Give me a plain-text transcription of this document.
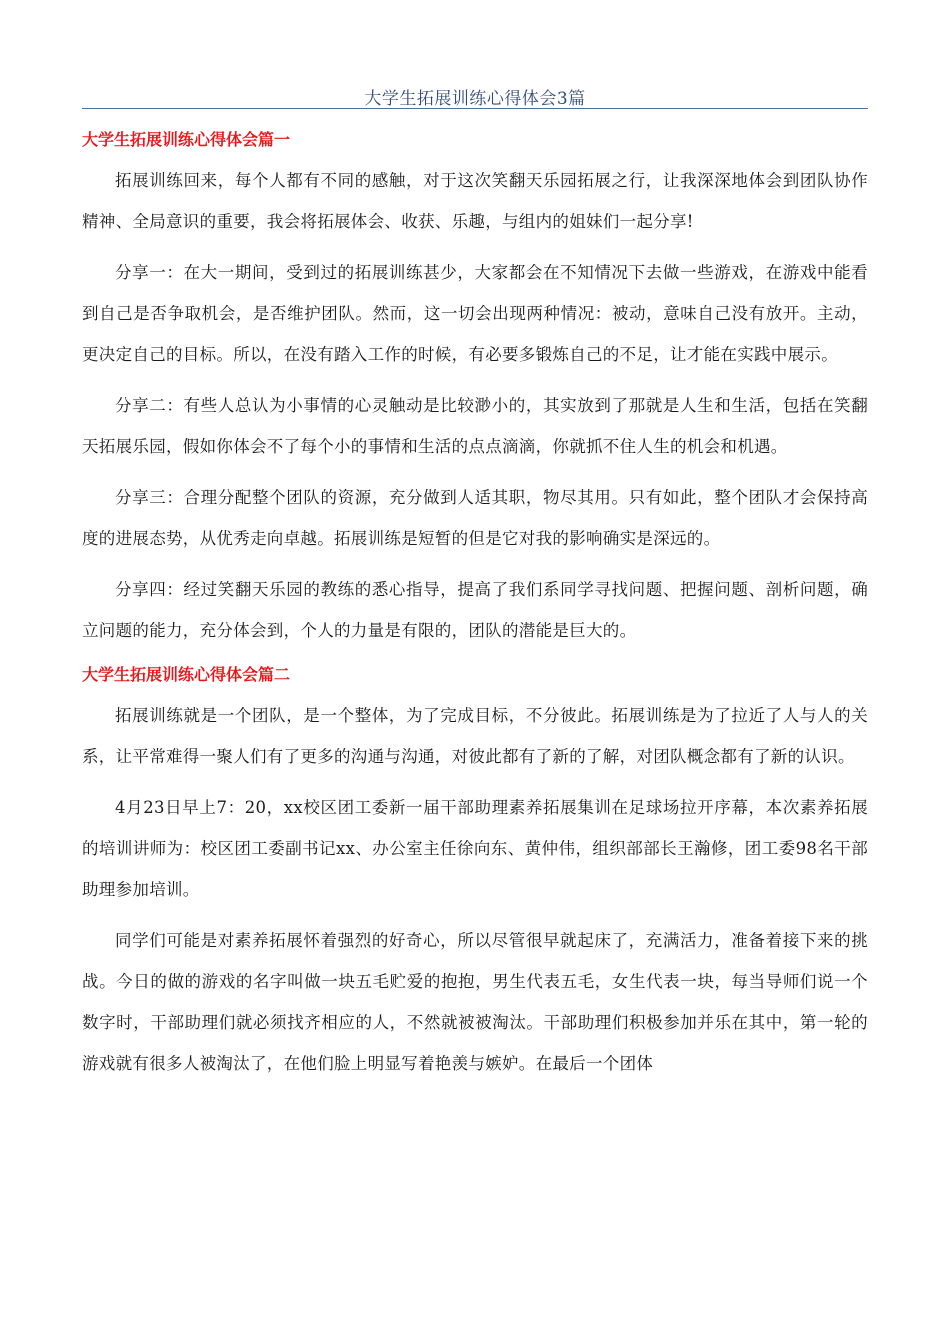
大学生拓展训练心得体会3篇
大学生拓展训练心得体会篇一

拓展训练回来，每个人都有不同的感触，对于这次笑翻天乐园拓展之行，让我深深地体会到团队协作精神、全局意识的重要，我会将拓展体会、收获、乐趣，与组内的姐妹们一起分享!

分享一：在大一期间，受到过的拓展训练甚少，大家都会在不知情况下去做一些游戏，在游戏中能看到自己是否争取机会，是否维护团队。然而，这一切会出现两种情况：被动，意味自己没有放开。主动，更决定自己的目标。所以，在没有踏入工作的时候，有必要多锻炼自己的不足，让才能在实践中展示。

分享二：有些人总认为小事情的心灵触动是比较渺小的，其实放到了那就是人生和生活，包括在笑翻天拓展乐园，假如你体会不了每个小的事情和生活的点点滴滴，你就抓不住人生的机会和机遇。

分享三：合理分配整个团队的资源，充分做到人适其职，物尽其用。只有如此，整个团队才会保持高度的进展态势，从优秀走向卓越。拓展训练是短暂的但是它对我的影响确实是深远的。

分享四：经过笑翻天乐园的教练的悉心指导，提高了我们系同学寻找问题、把握问题、剖析问题，确立问题的能力，充分体会到，个人的力量是有限的，团队的潜能是巨大的。

大学生拓展训练心得体会篇二

拓展训练就是一个团队，是一个整体，为了完成目标，不分彼此。拓展训练是为了拉近了人与人的关系，让平常难得一聚人们有了更多的沟通与沟通，对彼此都有了新的了解，对团队概念都有了新的认识。

4月23日早上7：20，xx校区团工委新一届干部助理素养拓展集训在足球场拉开序幕，本次素养拓展的培训讲师为：校区团工委副书记xx、办公室主任徐向东、黄仲伟，组织部部长王瀚修，团工委98名干部助理参加培训。

同学们可能是对素养拓展怀着强烈的好奇心，所以尽管很早就起床了，充满活力，准备着接下来的挑战。今日的做的游戏的名字叫做一块五毛贮爱的抱抱，男生代表五毛，女生代表一块，每当导师们说一个数字时，干部助理们就必须找齐相应的人，不然就被被淘汰。干部助理们积极参加并乐在其中，第一轮的游戏就有很多人被淘汰了，在他们脸上明显写着艳羡与嫉妒。在最后一个团体
